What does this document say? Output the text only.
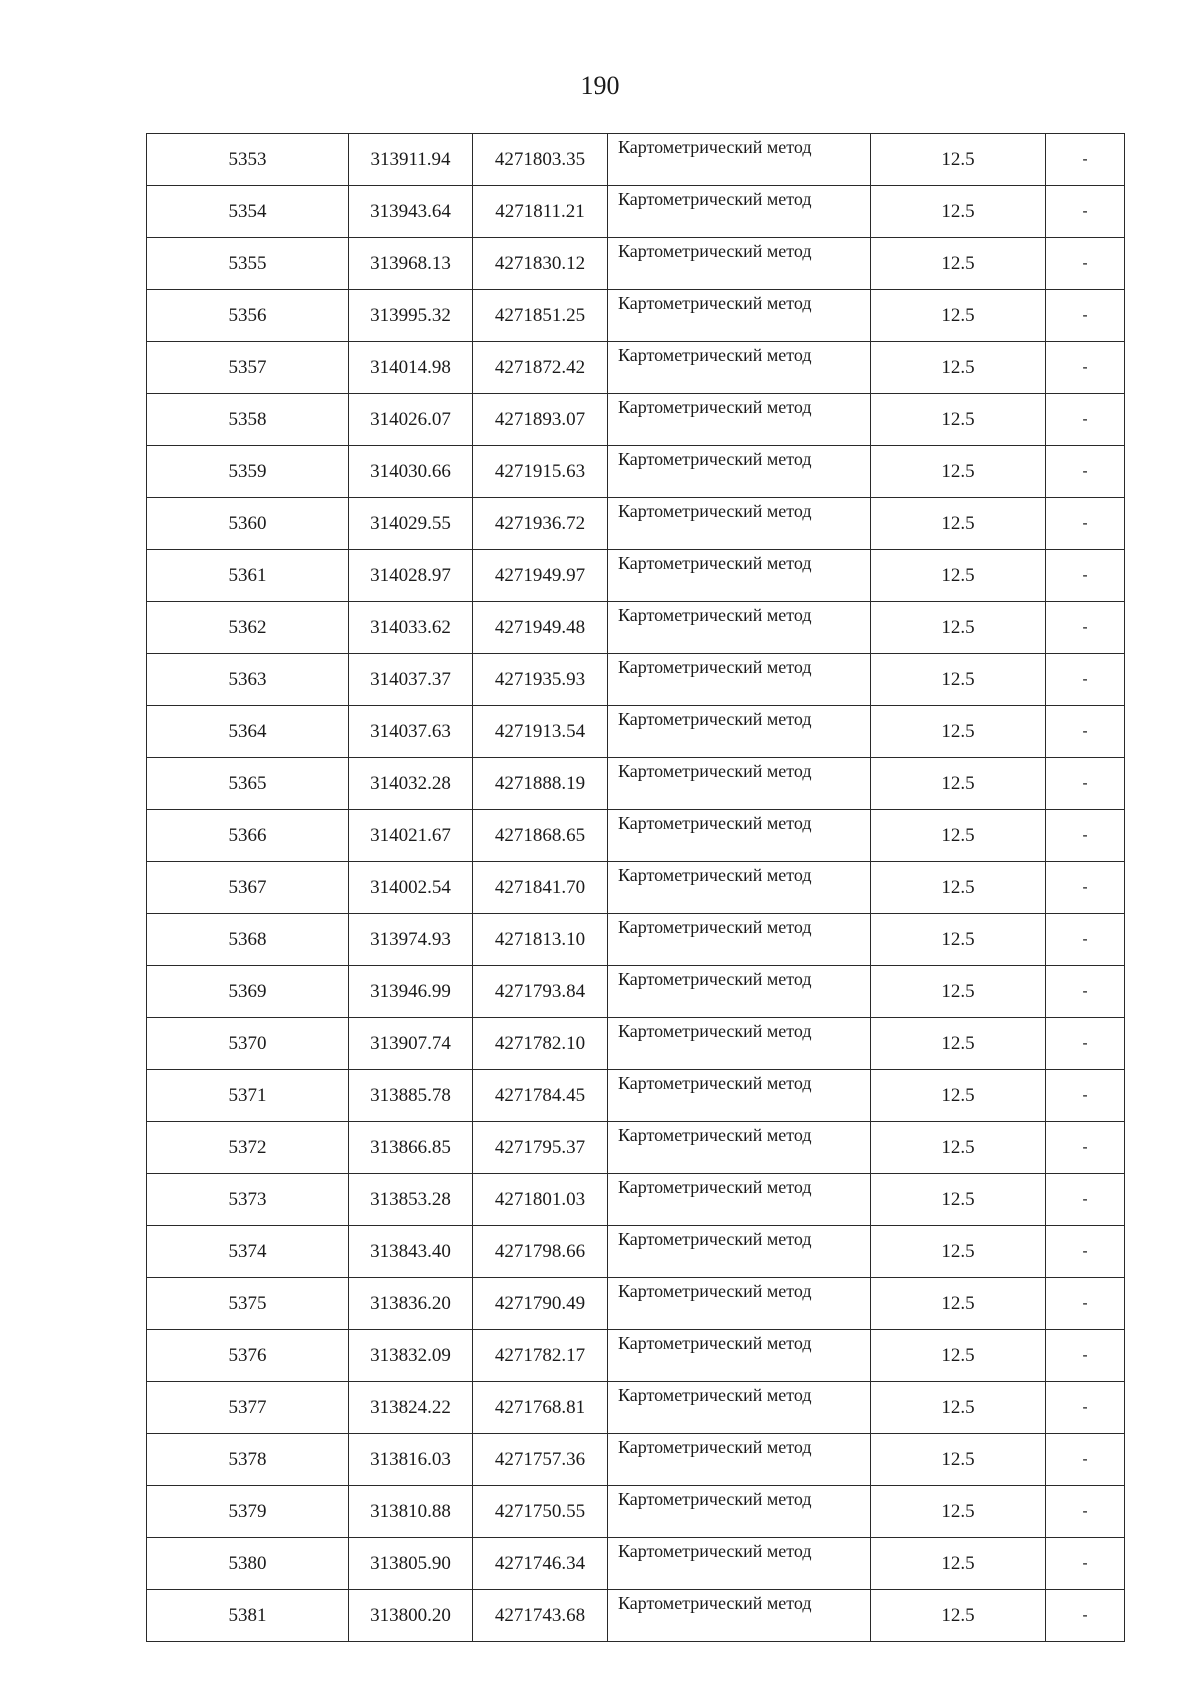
190
5353	313911.94	4271803.35	Картометрический метод	12.5	-
5354	313943.64	4271811.21	Картометрический метод	12.5	-
5355	313968.13	4271830.12	Картометрический метод	12.5	-
5356	313995.32	4271851.25	Картометрический метод	12.5	-
5357	314014.98	4271872.42	Картометрический метод	12.5	-
5358	314026.07	4271893.07	Картометрический метод	12.5	-
5359	314030.66	4271915.63	Картометрический метод	12.5	-
5360	314029.55	4271936.72	Картометрический метод	12.5	-
5361	314028.97	4271949.97	Картометрический метод	12.5	-
5362	314033.62	4271949.48	Картометрический метод	12.5	-
5363	314037.37	4271935.93	Картометрический метод	12.5	-
5364	314037.63	4271913.54	Картометрический метод	12.5	-
5365	314032.28	4271888.19	Картометрический метод	12.5	-
5366	314021.67	4271868.65	Картометрический метод	12.5	-
5367	314002.54	4271841.70	Картометрический метод	12.5	-
5368	313974.93	4271813.10	Картометрический метод	12.5	-
5369	313946.99	4271793.84	Картометрический метод	12.5	-
5370	313907.74	4271782.10	Картометрический метод	12.5	-
5371	313885.78	4271784.45	Картометрический метод	12.5	-
5372	313866.85	4271795.37	Картометрический метод	12.5	-
5373	313853.28	4271801.03	Картометрический метод	12.5	-
5374	313843.40	4271798.66	Картометрический метод	12.5	-
5375	313836.20	4271790.49	Картометрический метод	12.5	-
5376	313832.09	4271782.17	Картометрический метод	12.5	-
5377	313824.22	4271768.81	Картометрический метод	12.5	-
5378	313816.03	4271757.36	Картометрический метод	12.5	-
5379	313810.88	4271750.55	Картометрический метод	12.5	-
5380	313805.90	4271746.34	Картометрический метод	12.5	-
5381	313800.20	4271743.68	Картометрический метод	12.5	-
